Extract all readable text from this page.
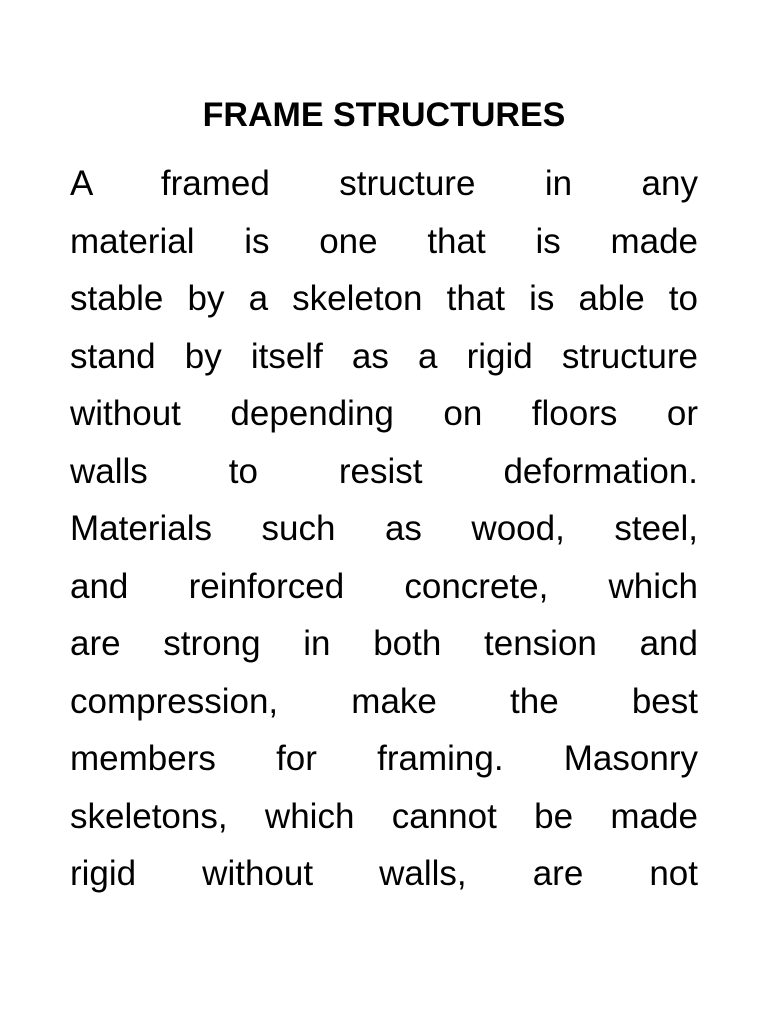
FRAME STRUCTURES
A framed structure in any
material is one that is made
stable by a skeleton that is able to
stand by itself as a rigid structure
without depending on floors or
walls to resist deformation.
Materials such as wood, steel,
and reinforced concrete, which
are strong in both tension and
compression, make the best
members for framing. Masonry
skeletons, which cannot be made
rigid without walls, are not
